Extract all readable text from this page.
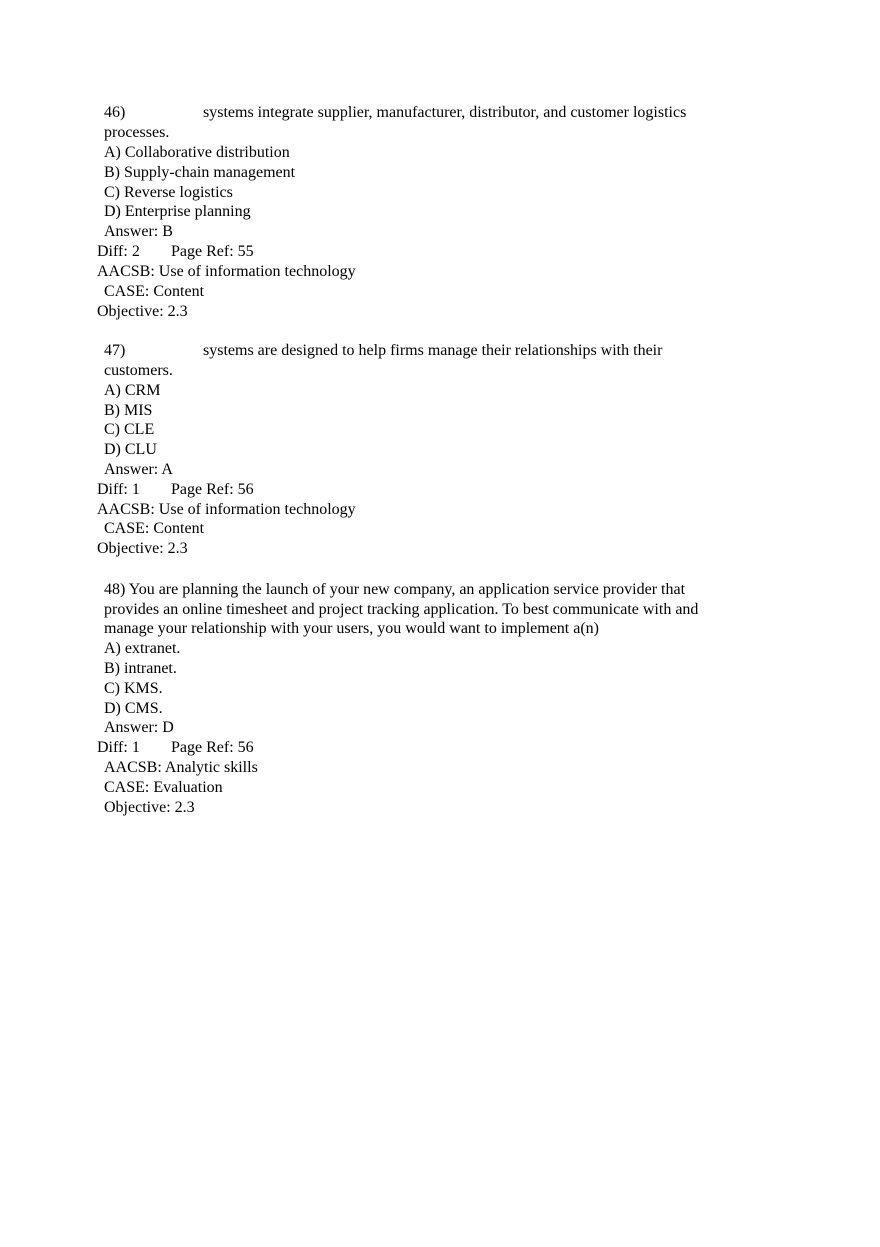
46)	systems integrate supplier, manufacturer, distributor, and customer logistics
processes.
A) Collaborative distribution
B) Supply-chain management
C) Reverse logistics
D) Enterprise planning
Answer: B
Diff: 2 Page Ref: 55
AACSB: Use of information technology
CASE: Content
Objective: 2.3
47)	systems are designed to help firms manage their relationships with their
customers.
A) CRM
B) MIS
C) CLE
D) CLU
Answer: A
Diff: 1 Page Ref: 56
AACSB: Use of information technology
CASE: Content
Objective: 2.3
48) You are planning the launch of your new company, an application service provider that
provides an online timesheet and project tracking application. To best communicate with and
manage your relationship with your users, you would want to implement a(n)
A) extranet.
B) intranet.
C) KMS.
D) CMS.
Answer: D
Diff: 1 Page Ref: 56
AACSB: Analytic skills
CASE: Evaluation
Objective: 2.3
